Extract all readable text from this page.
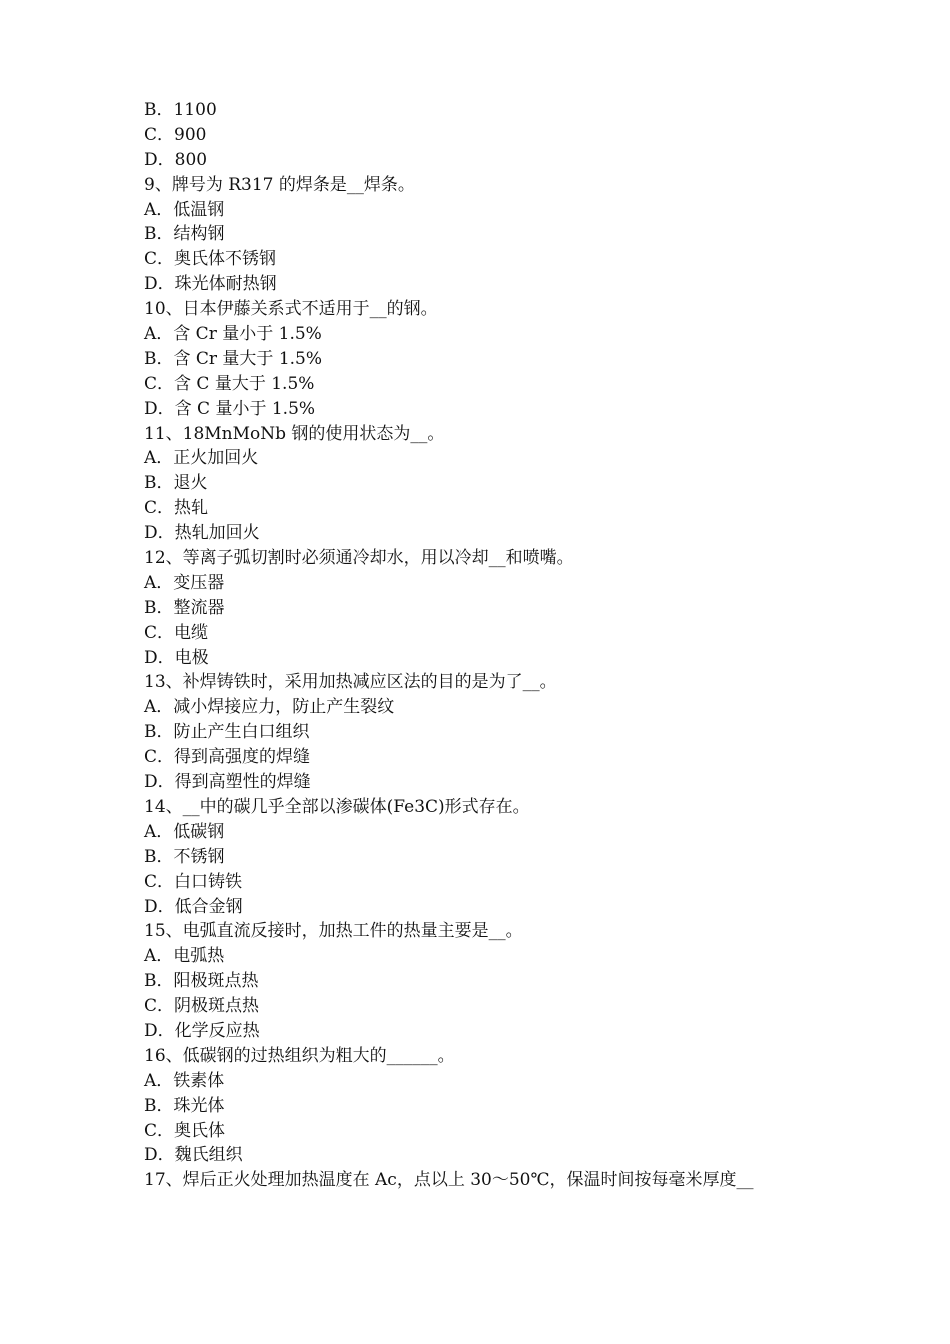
B．1100
C．900
D．800
9、牌号为 R317 的焊条是__焊条。
A．低温钢
B．结构钢
C．奥氏体不锈钢
D．珠光体耐热钢
10、日本伊藤关系式不适用于__的钢。
A．含 Cr 量小于 1.5%
B．含 Cr 量大于 1.5%
C．含 C 量大于 1.5%
D．含 C 量小于 1.5%
11、18MnMoNb 钢的使用状态为__。
A．正火加回火
B．退火
C．热轧
D．热轧加回火
12、等离子弧切割时必须通冷却水，用以冷却__和喷嘴。
A．变压器
B．整流器
C．电缆
D．电极
13、补焊铸铁时，采用加热减应区法的目的是为了__。
A．减小焊接应力，防止产生裂纹
B．防止产生白口组织
C．得到高强度的焊缝
D．得到高塑性的焊缝
14、__中的碳几乎全部以渗碳体(Fe3C)形式存在。
A．低碳钢
B．不锈钢
C．白口铸铁
D．低合金钢
15、电弧直流反接时，加热工件的热量主要是__。
A．电弧热
B．阳极斑点热
C．阴极斑点热
D．化学反应热
16、低碳钢的过热组织为粗大的______。
A．铁素体
B．珠光体
C．奥氏体
D．魏氏组织
17、焊后正火处理加热温度在 Ac，点以上 30～50℃，保温时间按每毫米厚度__
